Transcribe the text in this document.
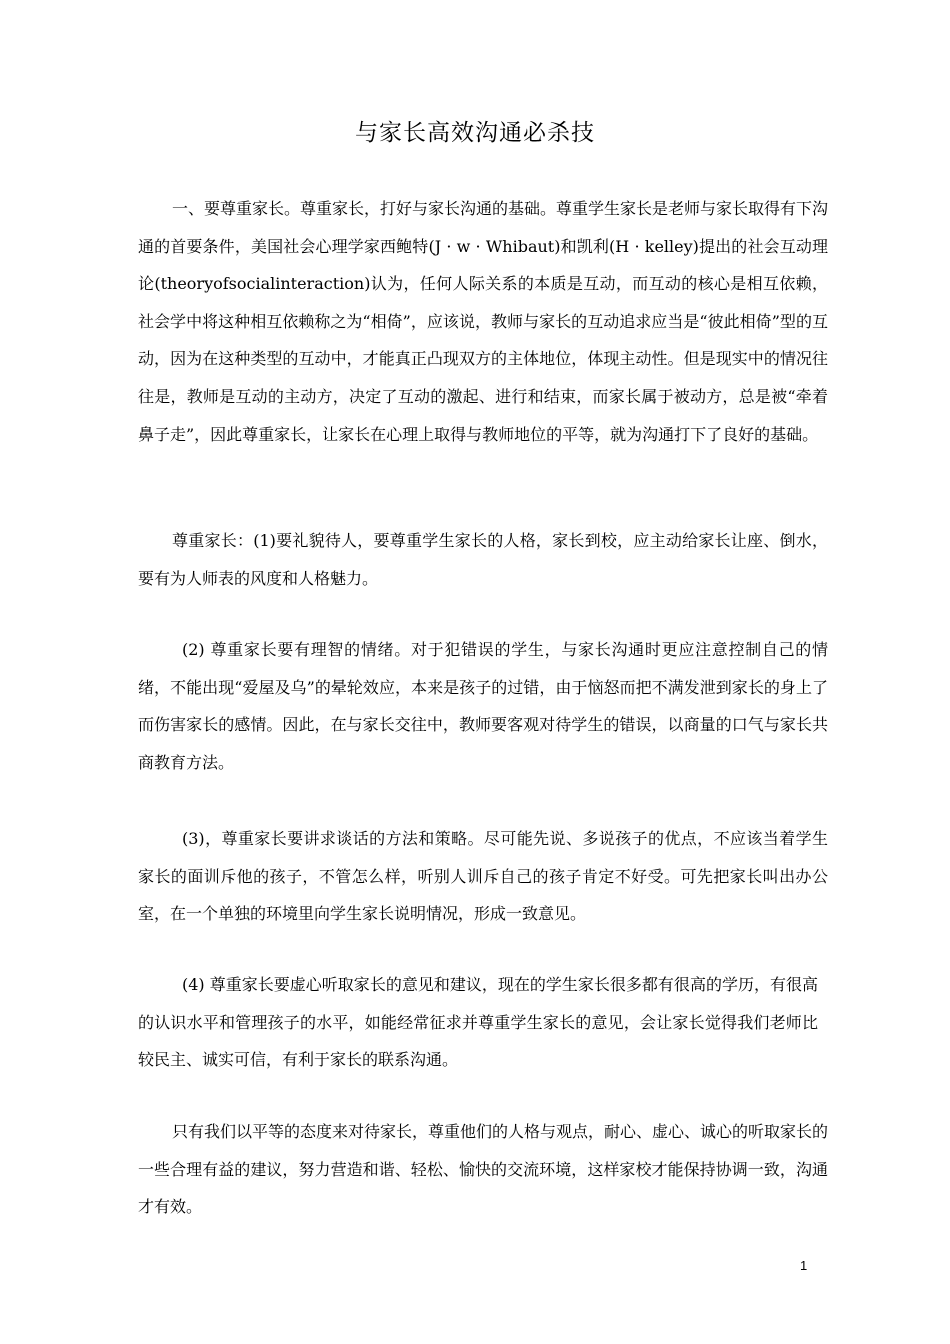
与家长高效沟通必杀技

一、要尊重家长。尊重家长，打好与家长沟通的基础。尊重学生家长是老师与家长取得有下沟通的首要条件，美国社会心理学家西鲍特(J · w · Whibaut)和凯利(H · kelley)提出的社会互动理论(theoryofsocialinteraction)认为，任何人际关系的本质是互动，而互动的核心是相互依赖，社会学中将这种相互依赖称之为“相倚”，应该说，教师与家长的互动追求应当是“彼此相倚”型的互动，因为在这种类型的互动中，才能真正凸现双方的主体地位，体现主动性。但是现实中的情况往往是，教师是互动的主动方，决定了互动的激起、进行和结束，而家长属于被动方，总是被“牵着鼻子走”，因此尊重家长，让家长在心理上取得与教师地位的平等，就为沟通打下了良好的基础。

尊重家长：(1)要礼貌待人，要尊重学生家长的人格，家长到校，应主动给家长让座、倒水，要有为人师表的风度和人格魅力。

(2) 尊重家长要有理智的情绪。对于犯错误的学生，与家长沟通时更应注意控制自己的情绪，不能出现“爱屋及乌”的晕轮效应，本来是孩子的过错，由于恼怒而把不满发泄到家长的身上了而伤害家长的感情。因此，在与家长交往中，教师要客观对待学生的错误，以商量的口气与家长共商教育方法。

(3)，尊重家长要讲求谈话的方法和策略。尽可能先说、多说孩子的优点，不应该当着学生家长的面训斥他的孩子，不管怎么样，听别人训斥自己的孩子肯定不好受。可先把家长叫出办公室，在一个单独的环境里向学生家长说明情况，形成一致意见。

(4) 尊重家长要虚心听取家长的意见和建议，现在的学生家长很多都有很高的学历，有很高的认识水平和管理孩子的水平，如能经常征求并尊重学生家长的意见，会让家长觉得我们老师比较民主、诚实可信，有利于家长的联系沟通。

只有我们以平等的态度来对待家长，尊重他们的人格与观点，耐心、虚心、诚心的听取家长的一些合理有益的建议，努力营造和谐、轻松、愉快的交流环境，这样家校才能保持协调一致，沟通才有效。

1
